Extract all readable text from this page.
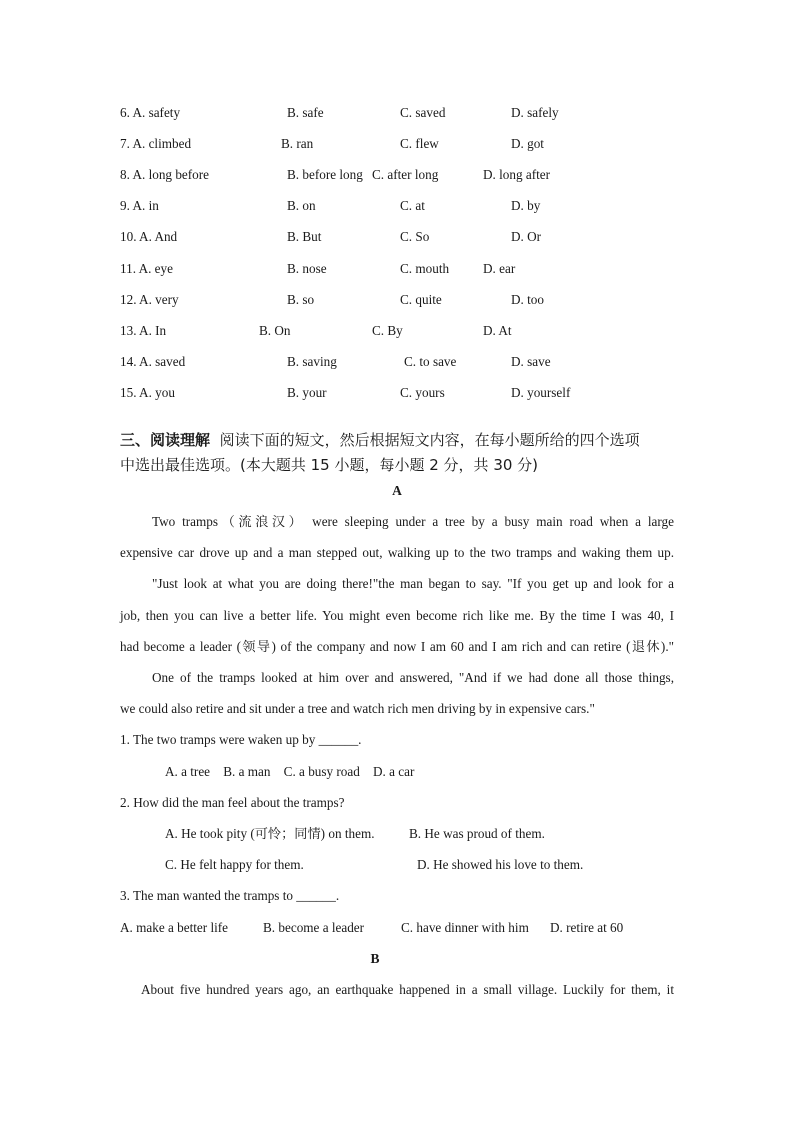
6. A. safety	B. safe	C. saved	D. safely
7. A. climbed	B. ran	C. flew	D. got
8. A. long before	B. before long C. after long	D. long after
9. A. in	B. on	C. at	D. by
10. A. And	B. But	C. So	D. Or
11. A. eye	B. nose	C. mouth	D. ear
12. A. very	B. so	C. quite	D. too
13. A. In	B. On	C. By	D. At
14. A. saved	B. saving	C. to save	D. save
15. A. you	B. your	C. yours	D. yourself
三、阅读理解 阅读下面的短文，然后根据短文内容，在每小题所给的四个选项
中选出最佳选项。(本大题共 15 小题，每小题 2 分，共 30 分)
A
Two tramps（流浪汉） were sleeping under a tree by a busy main road when a large
expensive car drove up and a man stepped out, walking up to the two tramps and waking them up.
"Just look at what you are doing there!"the man began to say. "If you get up and look for a
job, then you can live a better life. You might even become rich like me. By the time I was 40, I
had become a leader (领导) of the company and now I am 60 and I am rich and can retire (退休)."
One of the tramps looked at him over and answered, "And if we had done all those things,
we could also retire and sit under a tree and watch rich men driving by in expensive cars."
1. The two tramps were waken up by ______.
A. a tree    B. a man    C. a busy road    D. a car
2. How did the man feel about the tramps?
A. He took pity (可怜；同情) on them.	B. He was proud of them.
C. He felt happy for them.	D. He showed his love to them.
3. The man wanted the tramps to ______.
A. make a better life	B. become a leader	C. have dinner with him D. retire at 60
B
About five hundred years ago, an earthquake happened in a small village. Luckily for them, it
